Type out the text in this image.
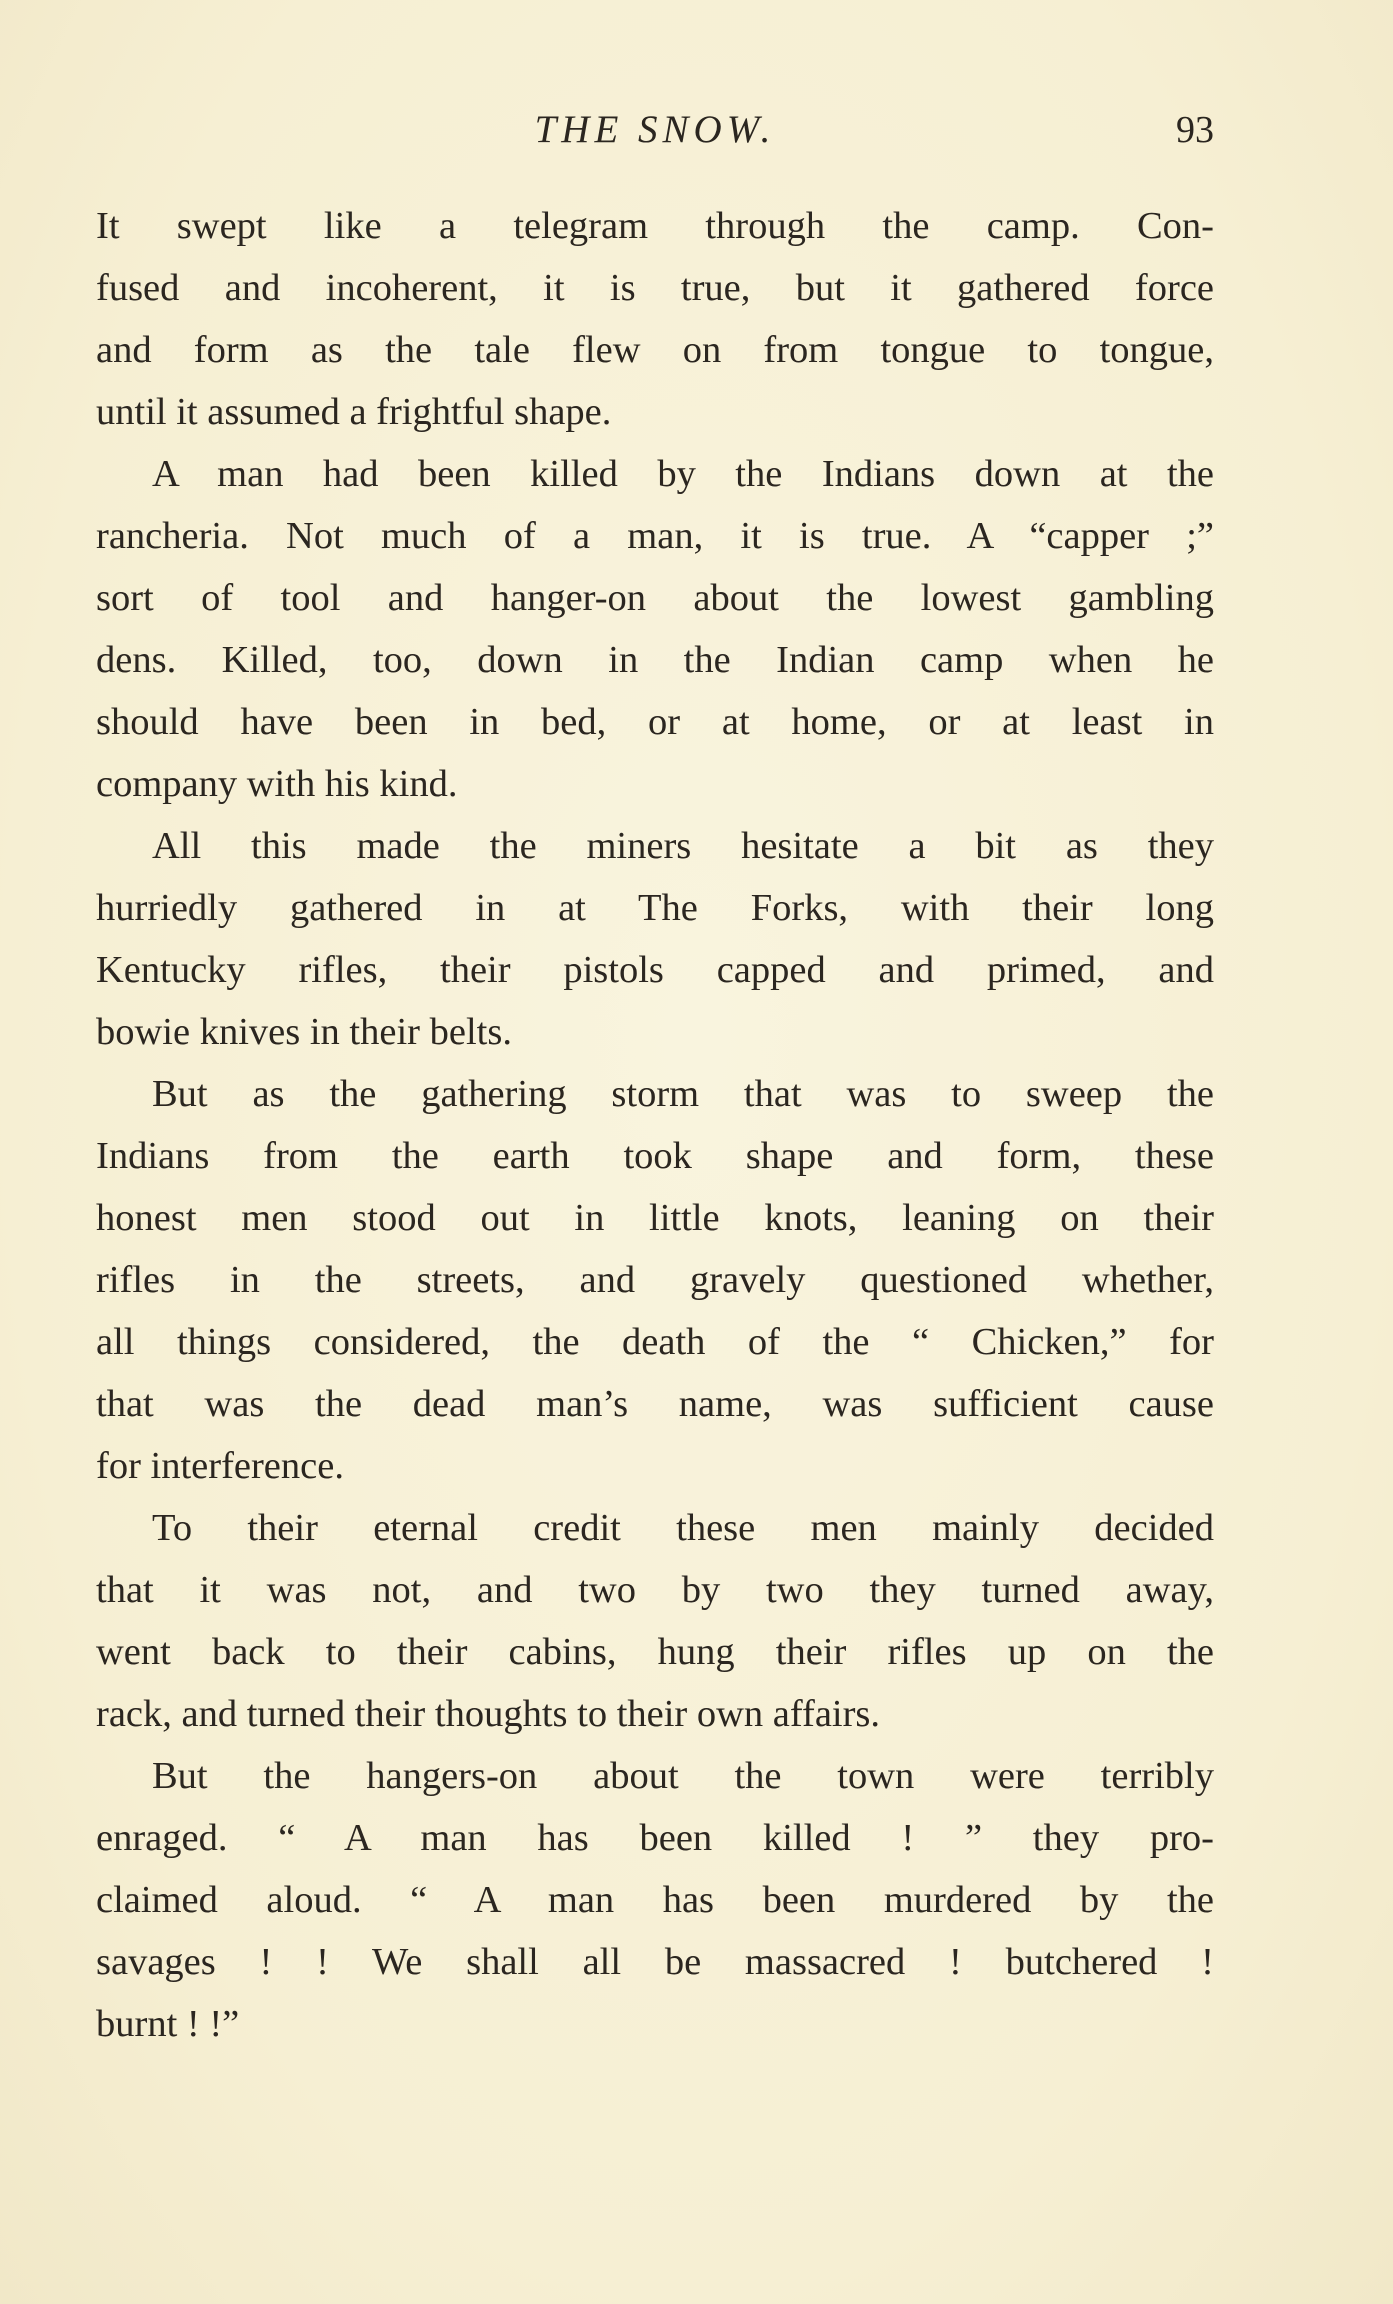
THE SNOW.	93
It swept like a telegram through the camp. Con-
fused and incoherent, it is true, but it gathered force
and form as the tale flew on from tongue to tongue,
until it assumed a frightful shape.
A man had been killed by the Indians down at the
rancheria. Not much of a man, it is true. A “capper ;”
sort of tool and hanger-on about the lowest gambling
dens. Killed, too, down in the Indian camp when he
should have been in bed, or at home, or at least in
company with his kind.
All this made the miners hesitate a bit as they
hurriedly gathered in at The Forks, with their long
Kentucky rifles, their pistols capped and primed, and
bowie knives in their belts.
But as the gathering storm that was to sweep the
Indians from the earth took shape and form, these
honest men stood out in little knots, leaning on their
rifles in the streets, and gravely questioned whether,
all things considered, the death of the “ Chicken,” for
that was the dead man’s name, was sufficient cause
for interference.
To their eternal credit these men mainly decided
that it was not, and two by two they turned away,
went back to their cabins, hung their rifles up on the
rack, and turned their thoughts to their own affairs.
But the hangers-on about the town were terribly
enraged. “ A man has been killed ! ” they pro-
claimed aloud. “ A man has been murdered by the
savages ! ! We shall all be massacred ! butchered !
burnt ! !”
